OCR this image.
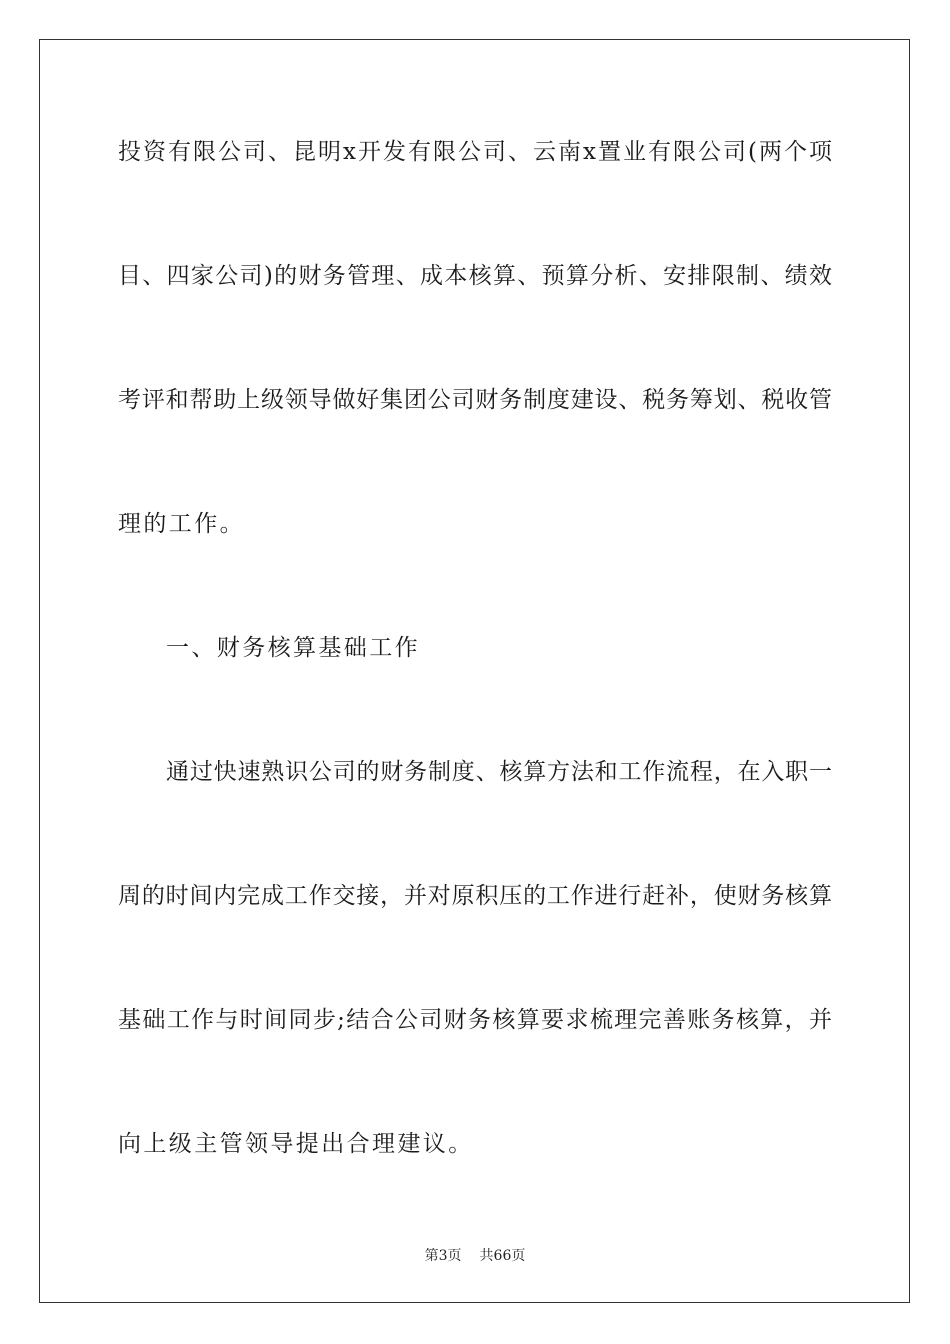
投资有限公司、昆明x开发有限公司、云南x置业有限公司(两个项
目、四家公司)的财务管理、成本核算、预算分析、安排限制、绩效
考评和帮助上级领导做好集团公司财务制度建设、税务筹划、税收管
理的工作。
一、财务核算基础工作
通过快速熟识公司的财务制度、核算方法和工作流程，在入职一
周的时间内完成工作交接，并对原积压的工作进行赶补，使财务核算
基础工作与时间同步;结合公司财务核算要求梳理完善账务核算，并
向上级主管领导提出合理建议。
第3页 共66页
